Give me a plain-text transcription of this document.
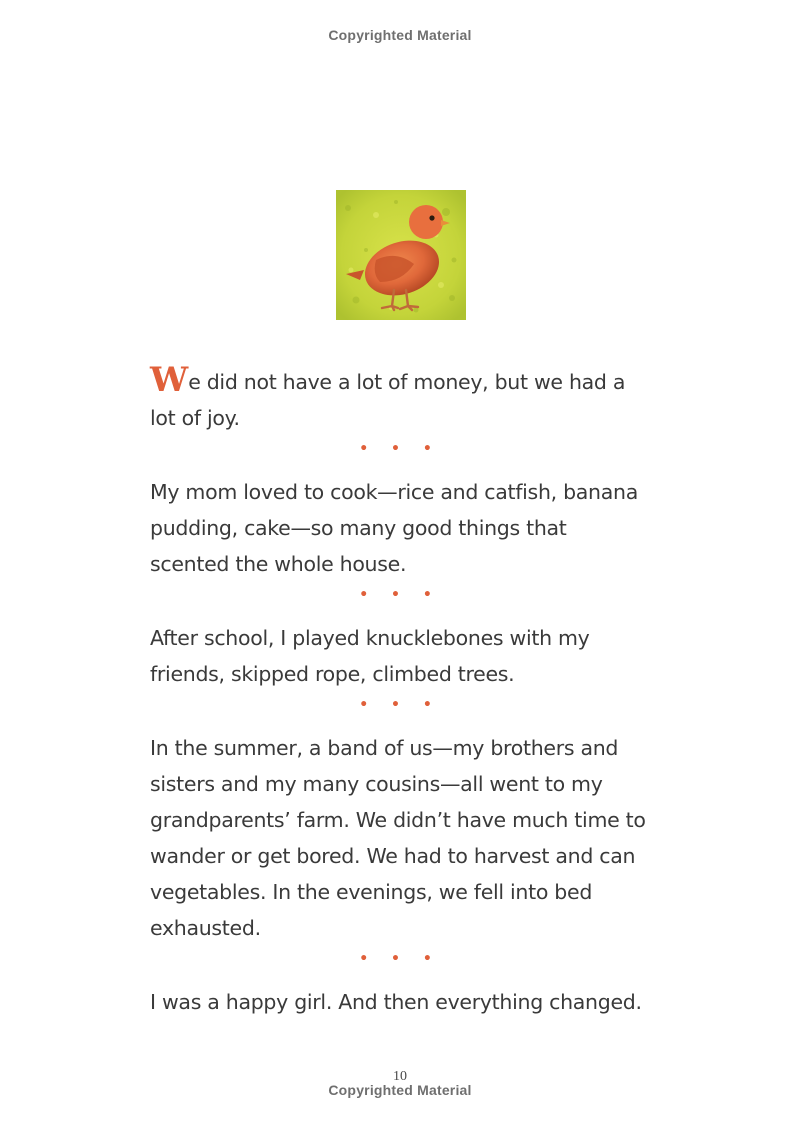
Copyrighted Material

We did not have a lot of money, but we had a lot of joy.

• • •

My mom loved to cook—rice and catfish, banana pudding, cake—so many good things that scented the whole house.

• • •

After school, I played knucklebones with my friends, skipped rope, climbed trees.

• • •

In the summer, a band of us—my brothers and sisters and my many cousins—all went to my grandparents’ farm. We didn’t have much time to wander or get bored. We had to harvest and can vegetables. In the evenings, we fell into bed exhausted.

• • •

I was a happy girl. And then everything changed.

10
Copyrighted Material
